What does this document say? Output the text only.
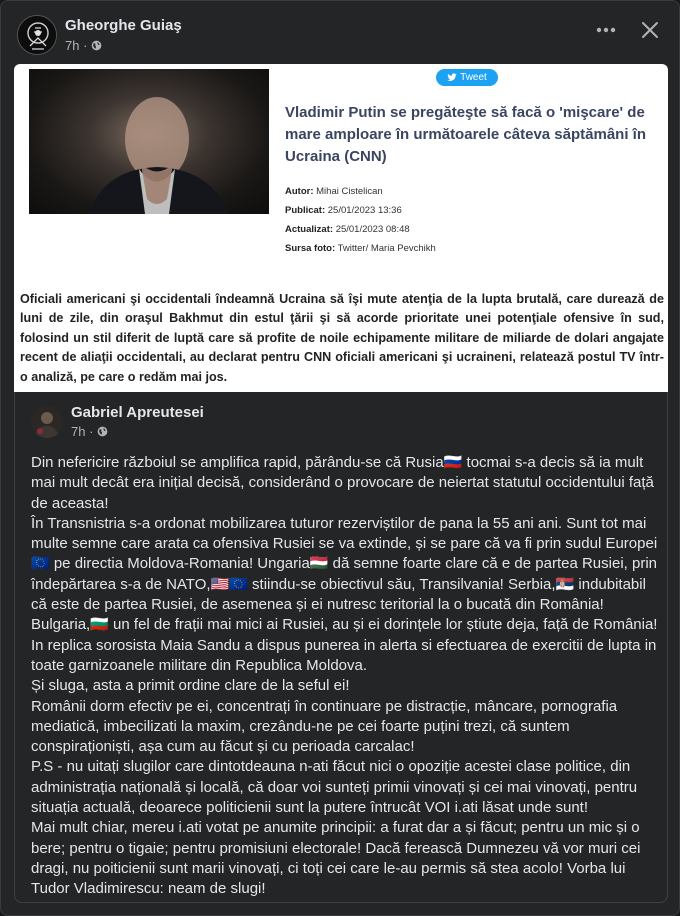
Gheorghe Guiaş
7h ·
Tweet
Vladimir Putin se pregăteşte să facă o 'mişcare' de mare amploare în următoarele câteva săptămâni în Ucraina (CNN)
Autor: Mihai Cistelican
Publicat: 25/01/2023 13:36
Actualizat: 25/01/2023 08:48
Sursa foto: Twitter/ Maria Pevchikh
Oficiali americani şi occidentali îndeamnă Ucraina să îşi mute atenţia de la lupta brutală, care durează de luni de zile, din oraşul Bakhmut din estul ţării şi să acorde prioritate unei potenţiale ofensive în sud, folosind un stil diferit de luptă care să profite de noile echipamente militare de miliarde de dolari angajate recent de aliaţii occidentali, au declarat pentru CNN oficiali americani şi ucraineni, relatează postul TV într-o analiză, pe care o redăm mai jos.
Gabriel Apreutesei
7h ·

Din nefericire războiul se amplifica rapid, părându-se că Rusia🇷🇺 tocmai s-a decis să ia mult mai mult decât era inițial decisă, considerând o provocare de neiertat statutul occidentului față de aceasta!

În Transnistria s-a ordonat mobilizarea tuturor rezerviștilor de pana la 55 ani ani. Sunt tot mai multe semne care arata ca ofensiva Rusiei se va extinde, și se pare că va fi prin sudul Europei 🇪🇺 pe directia Moldova-Romania! Ungaria🇭🇺 dă semne foarte clare că e de partea Rusiei, prin îndepărtarea s-a de NATO,🇺🇸🇪🇺 stiindu-se obiectivul său, Transilvania! Serbia,🇷🇸 indubitabil că este de partea Rusiei, de asemenea și ei nutresc teritorial la o bucată din România! Bulgaria,🇧🇬 un fel de frații mai mici ai Rusiei, au și ei dorințele lor știute deja, față de România!

In replica sorosista Maia Sandu a dispus punerea in alerta si efectuarea de exercitii de lupta in toate garnizoanele militare din Republica Moldova.

Și sluga, asta a primit ordine clare de la seful ei!

Românii dorm efectiv pe ei, concentrați în continuare pe distracție, mâncare, pornografia mediatică, imbecilizati la maxim, crezându-ne pe cei foarte puțini trezi, că suntem conspiraționiști, așa cum au făcut și cu perioada carcalac!

P.S - nu uitați slugilor care dintotdeauna n-ati făcut nici o opoziție acestei clase politice, din administrația națională și locală, că doar voi sunteți primii vinovați și cei mai vinovați, pentru situația actuală, deoarece politicienii sunt la putere întrucât VOI i.ati lăsat unde sunt!

Mai mult chiar, mereu i.ati votat pe anumite principii: a furat dar a și făcut; pentru un mic și o bere; pentru o tigaie; pentru promisiuni electorale! Dacă ferească Dumnezeu vă vor muri cei dragi, nu poiticienii sunt marii vinovați, ci toți cei care le-au permis să stea acolo! Vorba lui Tudor Vladimirescu: neam de slugi!
